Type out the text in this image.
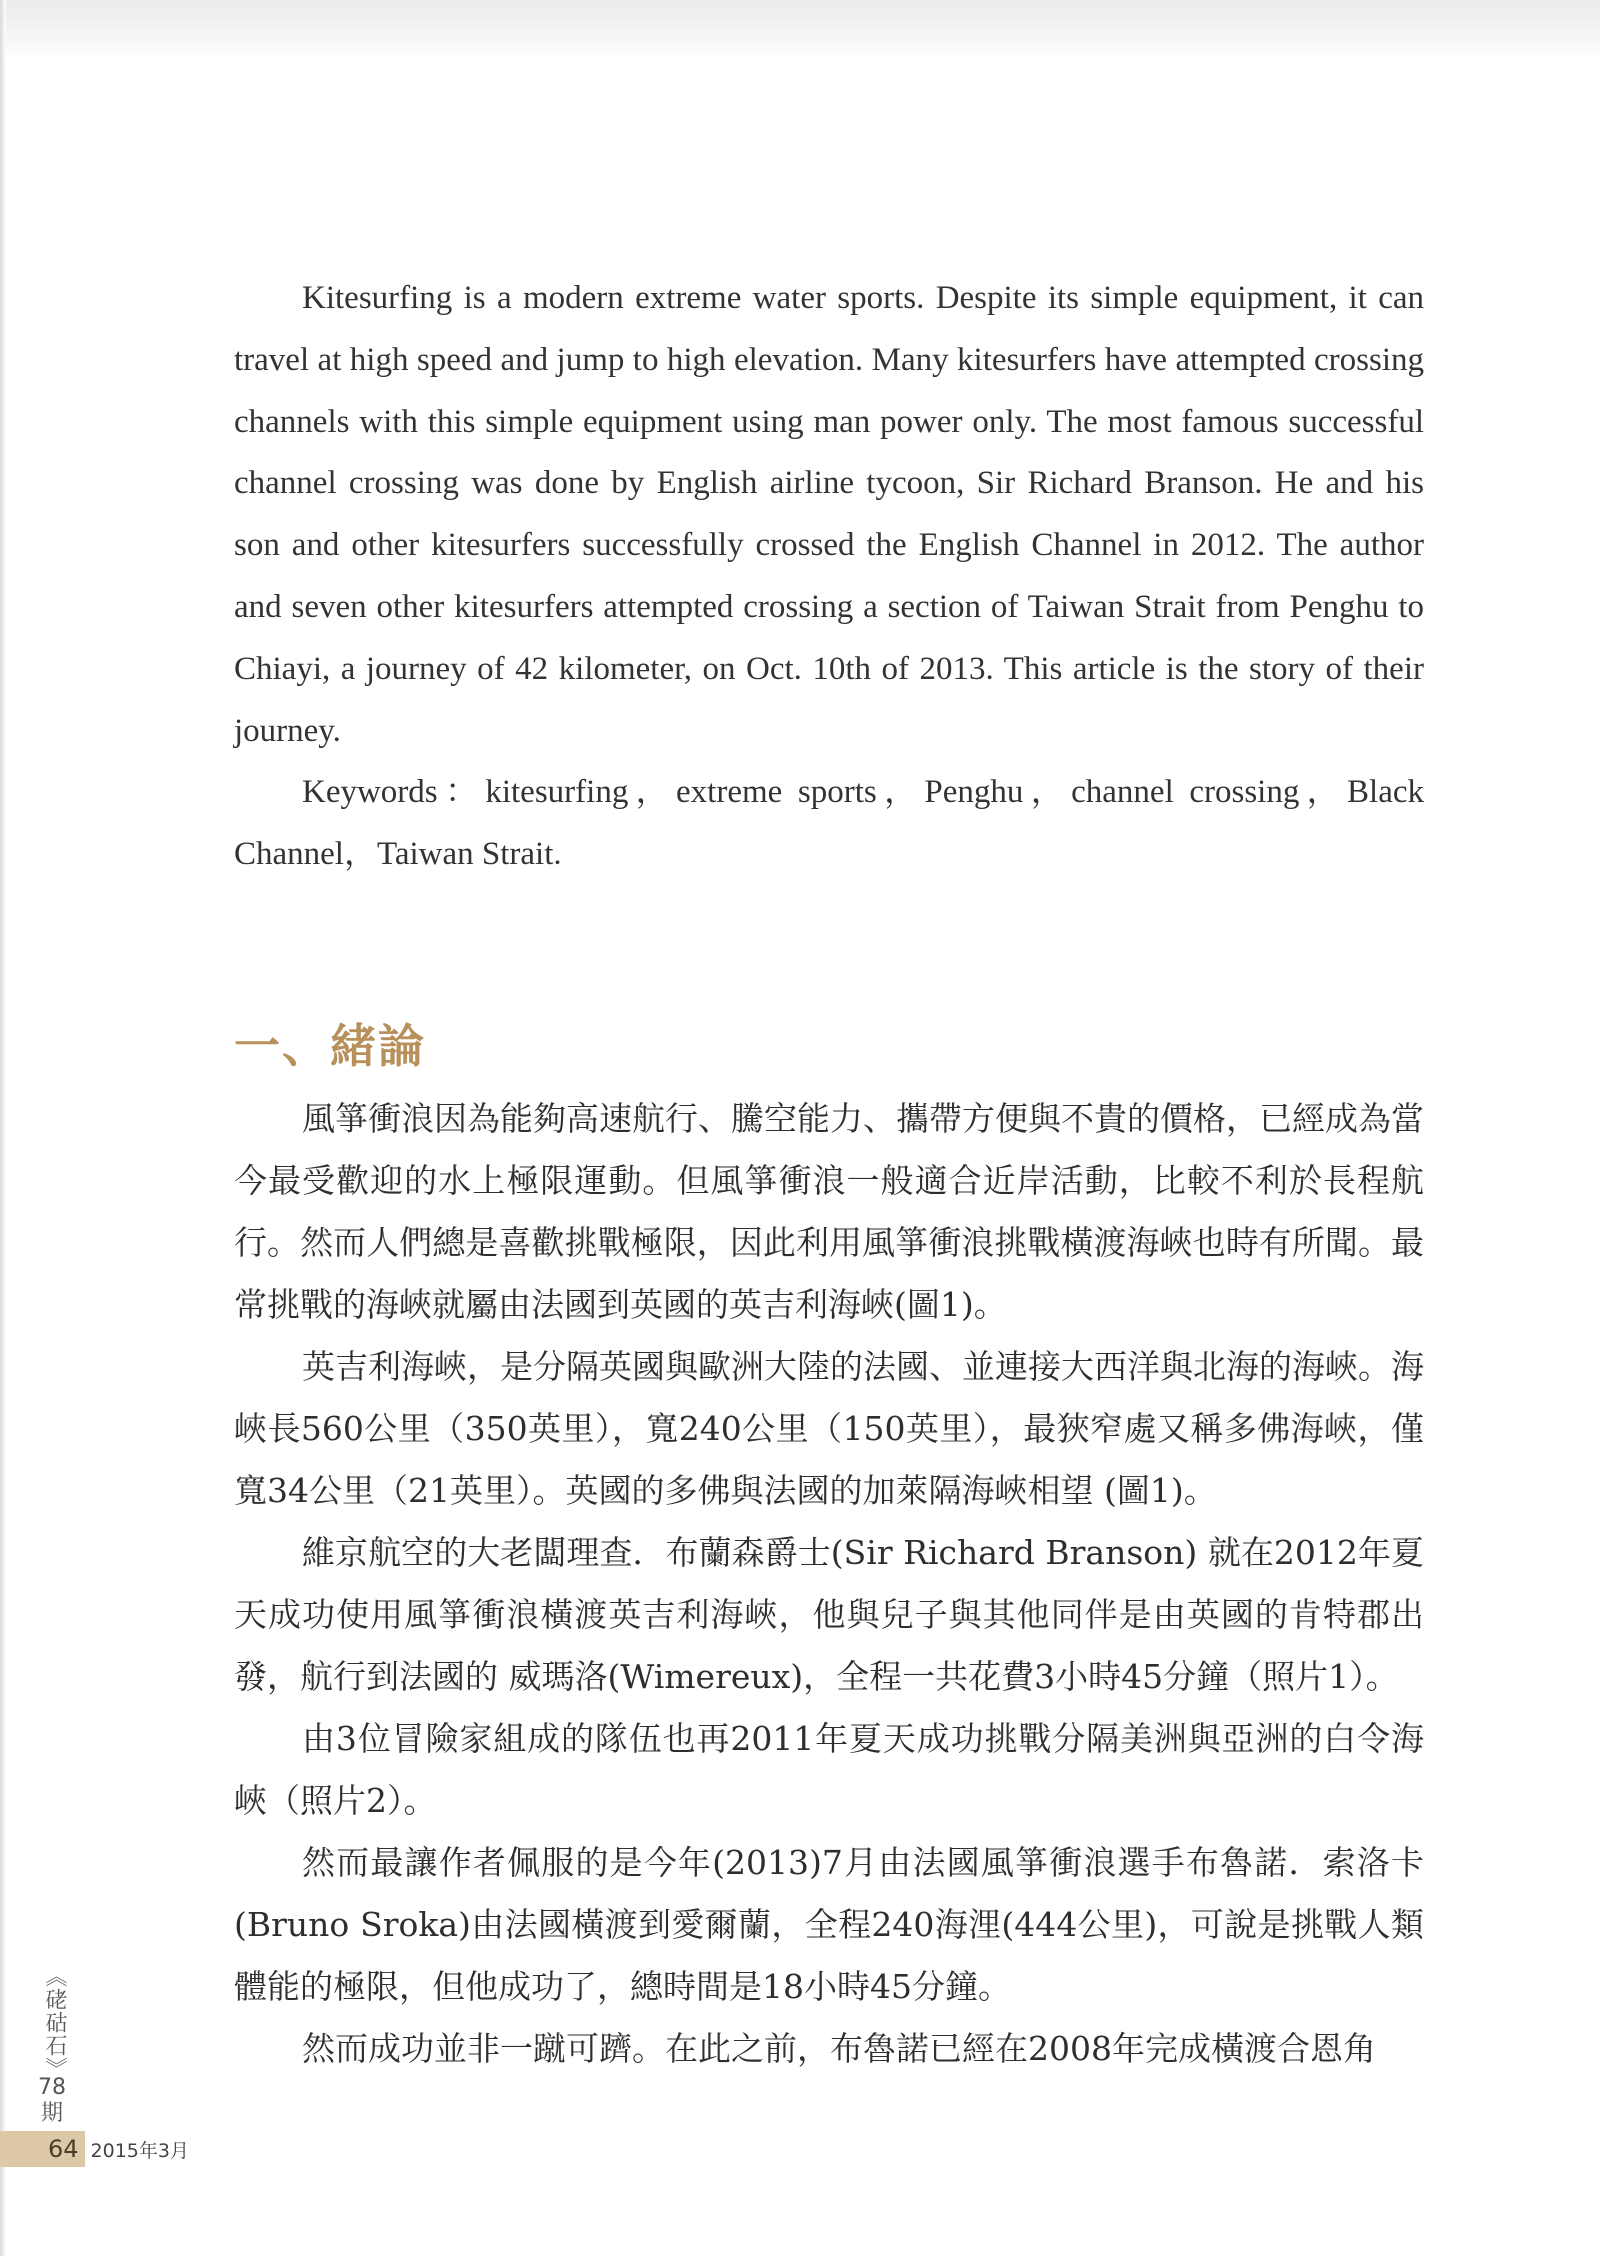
Kitesurfing is a modern extreme water sports. Despite its simple equipment, it can travel at high speed and jump to high elevation. Many kitesurfers have attempted crossing channels with this simple equipment using man power only. The most famous successful channel crossing was done by English airline tycoon, Sir Richard Branson. He and his son and other kitesurfers successfully crossed the English Channel in 2012. The author and seven other kitesurfers attempted crossing a section of Taiwan Strait from Penghu to Chiayi, a journey of 42 kilometer, on Oct. 10th of 2013. This article is the story of their journey.

Keywords：kitesurfing，extreme sports，Penghu，channel crossing，Black Channel，Taiwan Strait.

一、緒論

風箏衝浪因為能夠高速航行、騰空能力、攜帶方便與不貴的價格，已經成為當今最受歡迎的水上極限運動。但風箏衝浪一般適合近岸活動，比較不利於長程航行。然而人們總是喜歡挑戰極限，因此利用風箏衝浪挑戰橫渡海峽也時有所聞。最常挑戰的海峽就屬由法國到英國的英吉利海峽(圖1)。

英吉利海峽，是分隔英國與歐洲大陸的法國、並連接大西洋與北海的海峽。海峽長560公里（350英里），寬240公里（150英里），最狹窄處又稱多佛海峽，僅寬34公里（21英里）。英國的多佛與法國的加萊隔海峽相望 (圖1)。

維京航空的大老闆理查．布蘭森爵士(Sir Richard Branson) 就在2012年夏天成功使用風箏衝浪橫渡英吉利海峽，他與兒子與其他同伴是由英國的肯特郡出發，航行到法國的 威瑪洛(Wimereux)，全程一共花費3小時45分鐘（照片1）。

由3位冒險家組成的隊伍也再2011年夏天成功挑戰分隔美洲與亞洲的白令海峽（照片2）。

然而最讓作者佩服的是今年(2013)7月由法國風箏衝浪選手布魯諾．索洛卡(Bruno Sroka)由法國橫渡到愛爾蘭，全程240海浬(444公里)，可說是挑戰人類體能的極限，但他成功了，總時間是18小時45分鐘。

然而成功並非一蹴可躋。在此之前，布魯諾已經在2008年完成橫渡合恩角

《硓𥑮石》
78
期
64 2015年3月
